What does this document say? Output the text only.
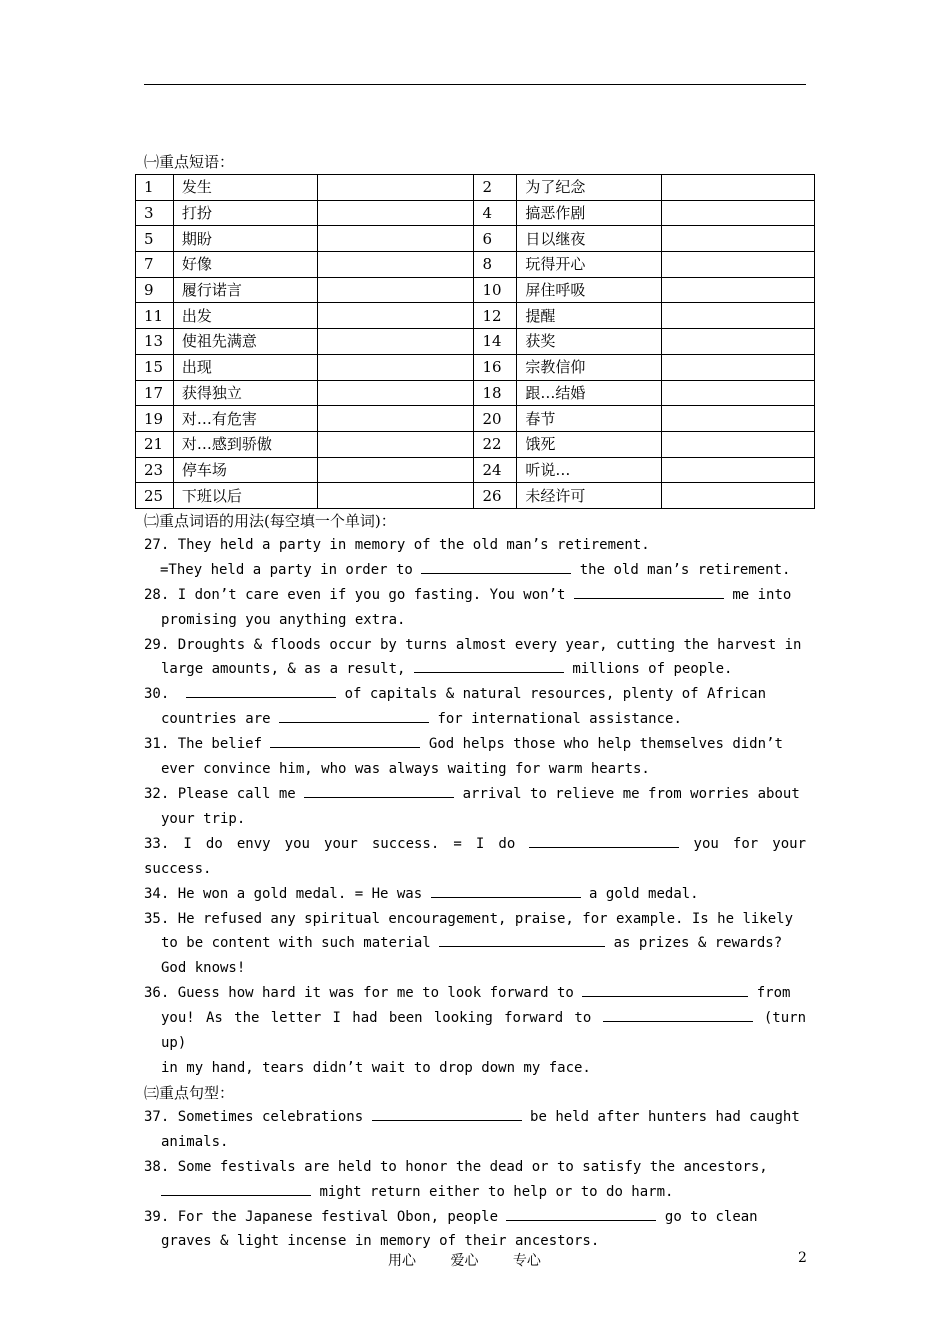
㈠重点短语：
1	发生		2	为了纪念	
3	打扮		4	搞恶作剧	
5	期盼		6	日以继夜	
7	好像		8	玩得开心	
9	履行诺言		10	屏住呼吸	
11	出发		12	提醒	
13	使祖先满意		14	获奖	
15	出现		16	宗教信仰	
17	获得独立		18	跟…结婚	
19	对…有危害		20	春节	
21	对…感到骄傲		22	饿死	
23	停车场		24	听说…	
25	下班以后		26	未经许可	
㈡重点词语的用法(每空填一个单词)：
27. They held a party in memory of the old man’s retirement.
=They held a party in order to	the old man’s retirement.
28. I don’t care even if you go fasting. You won’t	me into
promising you anything extra.
29. Droughts & floods occur by turns almost every year, cutting the harvest in
large amounts, & as a result,	millions of people.
30.	of capitals & natural resources, plenty of African
countries are	for international assistance.
31. The belief	God helps those who help themselves didn’t
ever convince him, who was always waiting for warm hearts.
32. Please call me	arrival to relieve me from worries about
your trip.
33. I do envy you your success. = I do	you for your success.
34. He won a gold medal. = He was	a gold medal.
35. He refused any spiritual encouragement, praise, for example. Is he likely
to be content with such material	as prizes & rewards?
God knows!
36. Guess how hard it was for me to look forward to	from
you! As the letter I had been looking forward to	(turn up)
in my hand, tears didn’t wait to drop down my face.
㈢重点句型：
37. Sometimes celebrations	be held after hunters had caught
animals.
38. Some festivals are held to honor the dead or to satisfy the ancestors,
might return either to help or to do harm.
39. For the Japanese festival Obon, people	go to clean
graves & light incense in memory of their ancestors.
用心 爱心 专心	2
